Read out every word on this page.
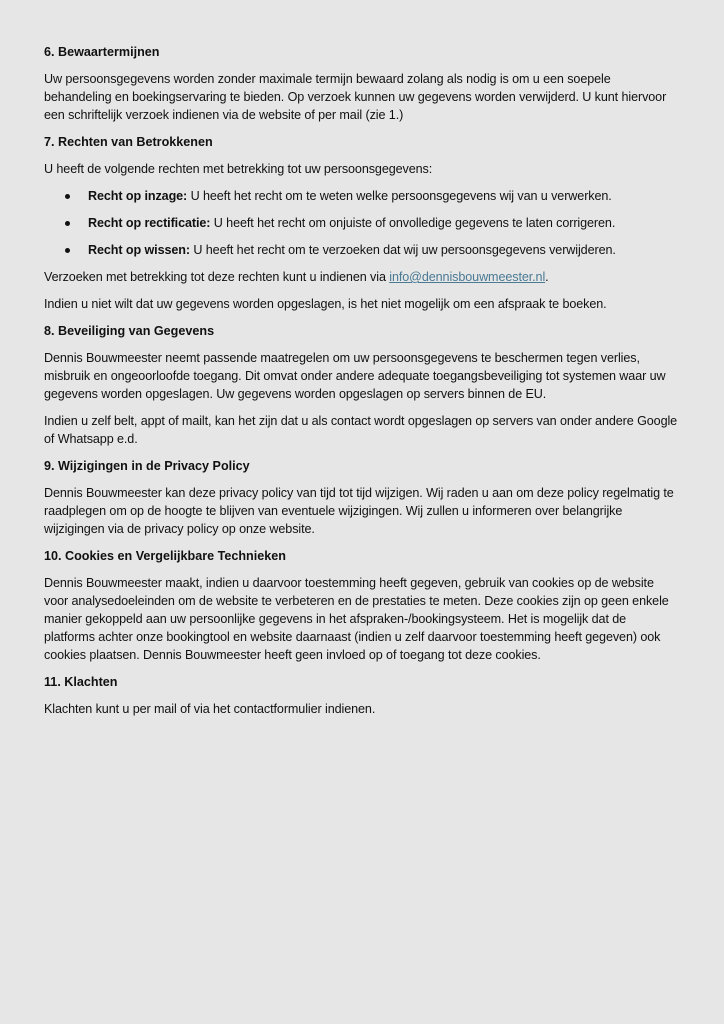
6. Bewaartermijnen

Uw persoonsgegevens worden zonder maximale termijn bewaard zolang als nodig is om u een soepele behandeling en boekingservaring te bieden. Op verzoek kunnen uw gegevens worden verwijderd. U kunt hiervoor een schriftelijk verzoek indienen via de website of per mail (zie 1.)

7. Rechten van Betrokkenen

U heeft de volgende rechten met betrekking tot uw persoonsgegevens:

Recht op inzage: U heeft het recht om te weten welke persoonsgegevens wij van u verwerken.
Recht op rectificatie: U heeft het recht om onjuiste of onvolledige gegevens te laten corrigeren.
Recht op wissen: U heeft het recht om te verzoeken dat wij uw persoonsgegevens verwijderen.

Verzoeken met betrekking tot deze rechten kunt u indienen via info@dennisbouwmeester.nl.

Indien u niet wilt dat uw gegevens worden opgeslagen, is het niet mogelijk om een afspraak te boeken.

8. Beveiliging van Gegevens

Dennis Bouwmeester neemt passende maatregelen om uw persoonsgegevens te beschermen tegen verlies, misbruik en ongeoorloofde toegang. Dit omvat onder andere adequate toegangsbeveiliging tot systemen waar uw gegevens worden opgeslagen. Uw gegevens worden opgeslagen op servers binnen de EU.

Indien u zelf belt, appt of mailt, kan het zijn dat u als contact wordt opgeslagen op servers van onder andere Google of Whatsapp e.d.

9. Wijzigingen in de Privacy Policy

Dennis Bouwmeester kan deze privacy policy van tijd tot tijd wijzigen. Wij raden u aan om deze policy regelmatig te raadplegen om op de hoogte te blijven van eventuele wijzigingen. Wij zullen u informeren over belangrijke wijzigingen via de privacy policy op onze website.

10. Cookies en Vergelijkbare Technieken

Dennis Bouwmeester maakt, indien u daarvoor toestemming heeft gegeven, gebruik van cookies op de website voor analysedoeleinden om de website te verbeteren en de prestaties te meten. Deze cookies zijn op geen enkele manier gekoppeld aan uw persoonlijke gegevens in het afspraken-/bookingsysteem. Het is mogelijk dat de platforms achter onze bookingtool en website daarnaast (indien u zelf daarvoor toestemming heeft gegeven) ook cookies plaatsen. Dennis Bouwmeester heeft geen invloed op of toegang tot deze cookies.

11. Klachten

Klachten kunt u per mail of via het contactformulier indienen.
